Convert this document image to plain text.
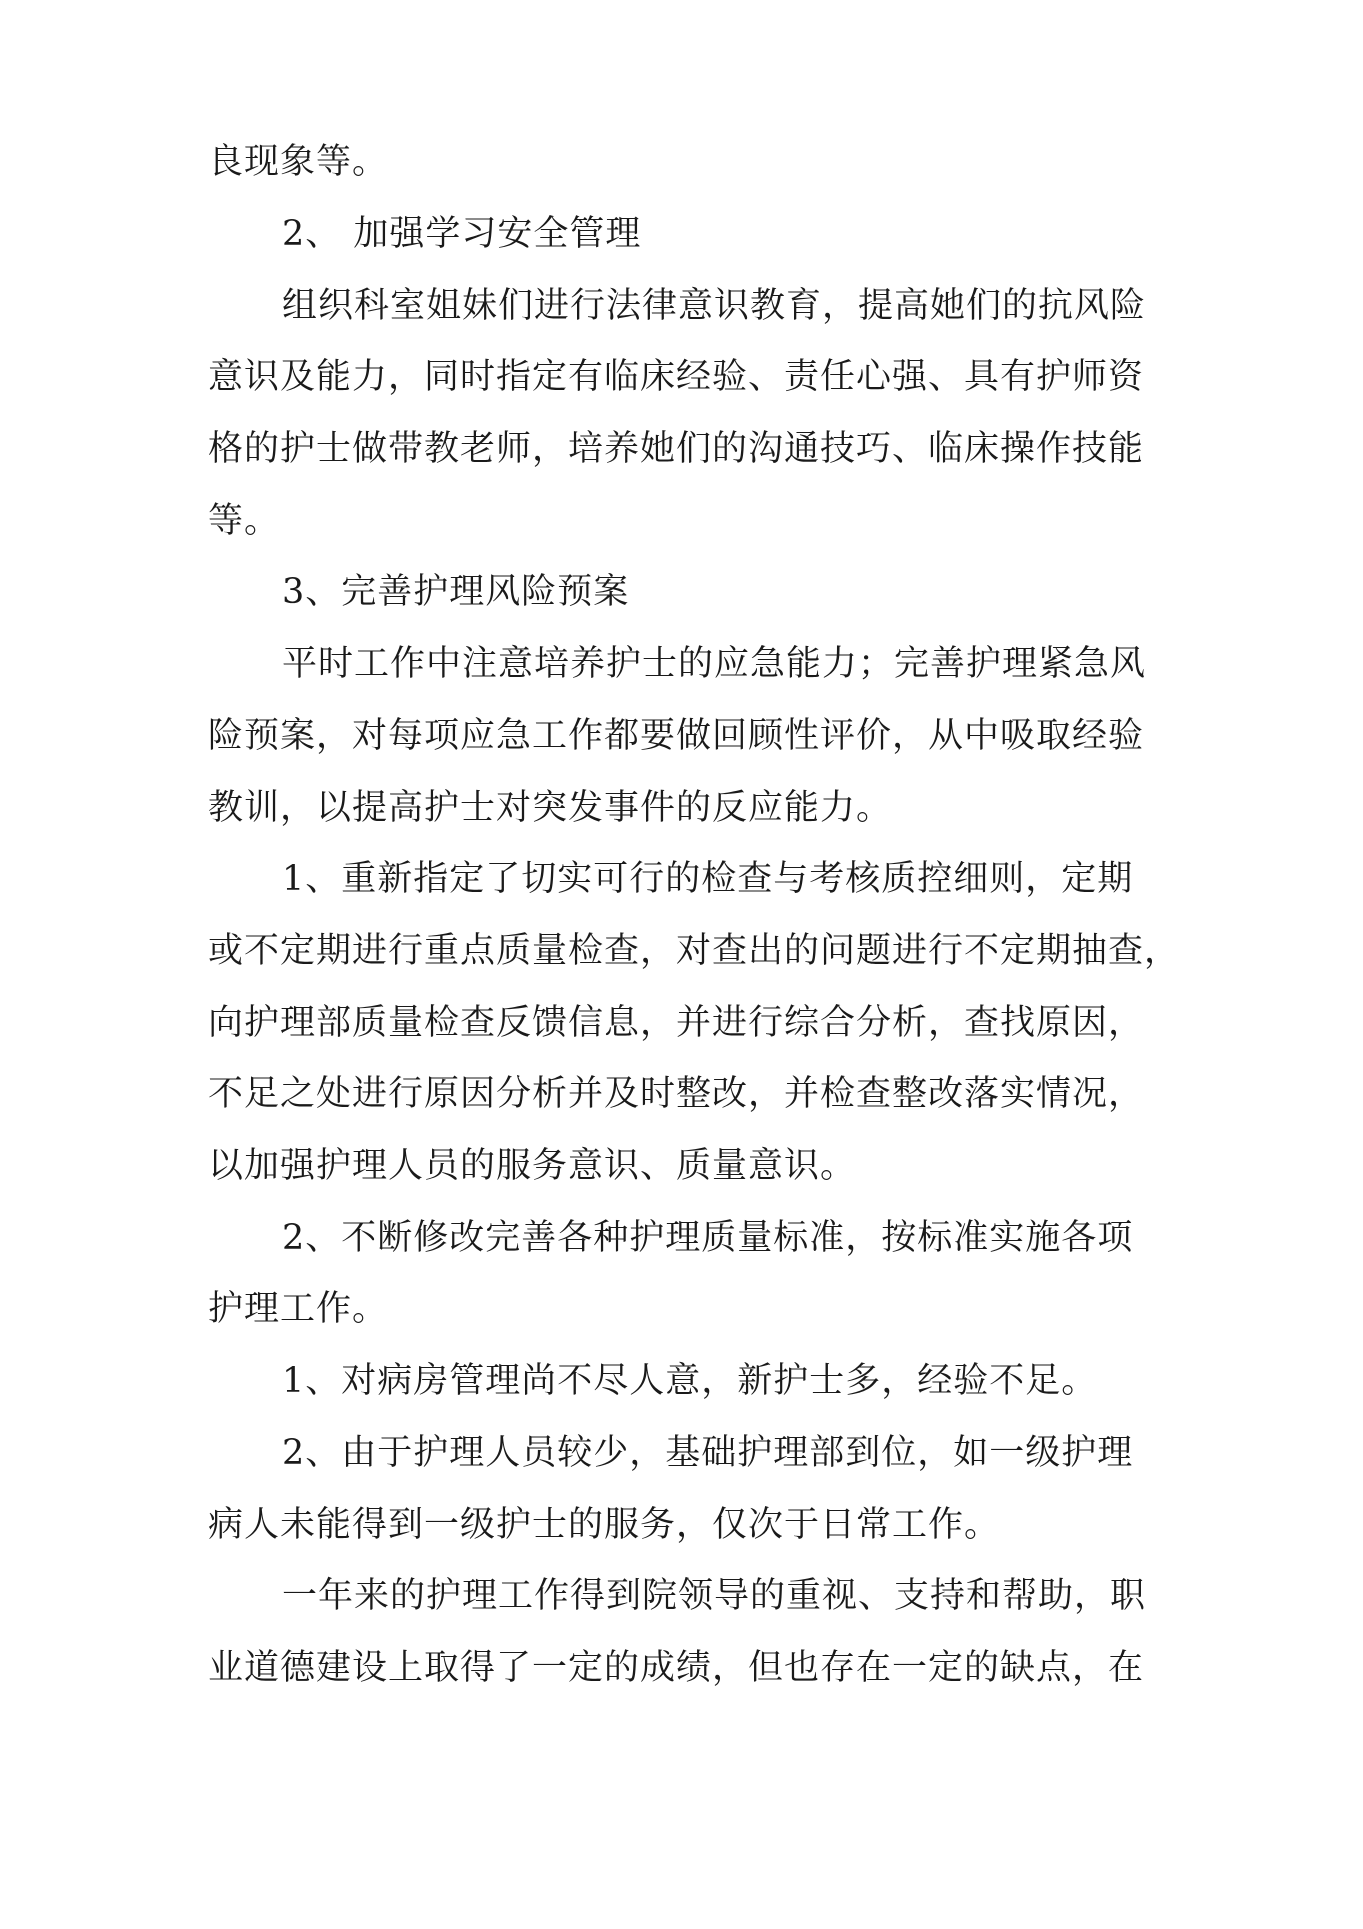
良现象等。
2、 加强学习安全管理
组织科室姐妹们进行法律意识教育，提高她们的抗风险
意识及能力，同时指定有临床经验、责任心强、具有护师资
格的护士做带教老师，培养她们的沟通技巧、临床操作技能
等。
3、完善护理风险预案
平时工作中注意培养护士的应急能力；完善护理紧急风
险预案，对每项应急工作都要做回顾性评价，从中吸取经验
教训，以提高护士对突发事件的反应能力。
1、重新指定了切实可行的检查与考核质控细则，定期
或不定期进行重点质量检查，对查出的问题进行不定期抽查，
向护理部质量检查反馈信息，并进行综合分析，查找原因，
不足之处进行原因分析并及时整改，并检查整改落实情况，
以加强护理人员的服务意识、质量意识。
2、不断修改完善各种护理质量标准，按标准实施各项
护理工作。
1、对病房管理尚不尽人意，新护士多，经验不足。
2、由于护理人员较少，基础护理部到位，如一级护理
病人未能得到一级护士的服务，仅次于日常工作。
一年来的护理工作得到院领导的重视、支持和帮助，职
业道德建设上取得了一定的成绩，但也存在一定的缺点，在
